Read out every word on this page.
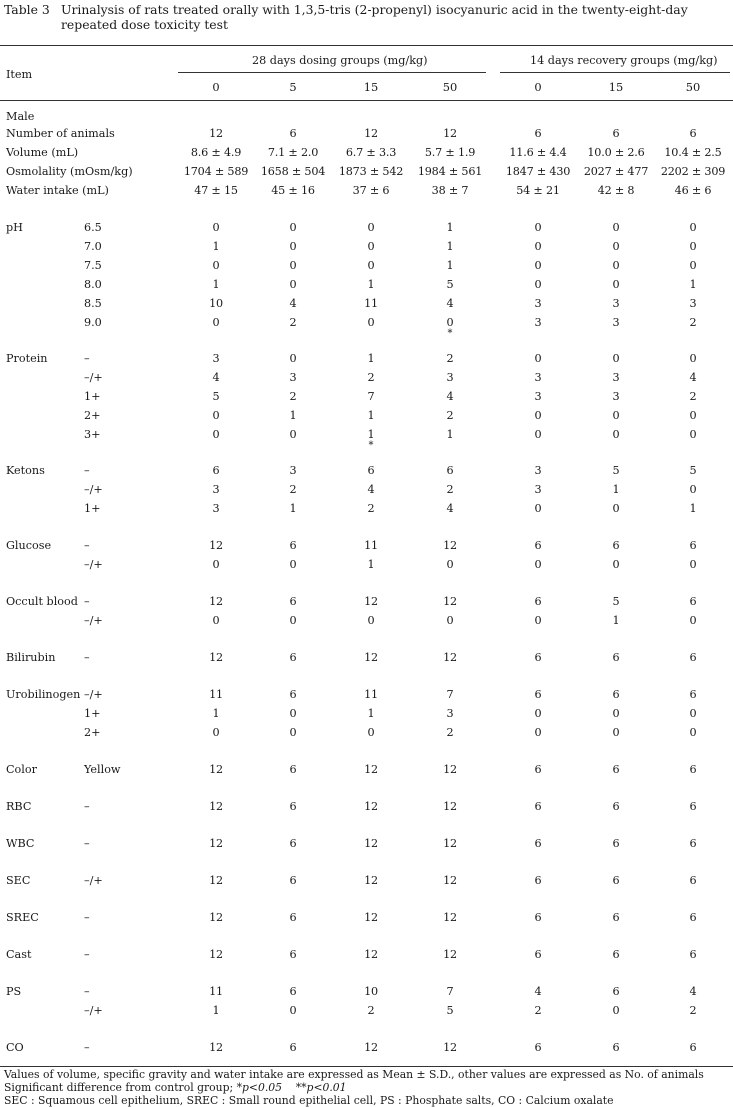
Table 3 Urinalysis of rats treated orally with 1,3,5-tris (2-propenyl) isocyanuric acid in the twenty-eight-day
repeated dose toxicity test
Item
28 days dosing groups (mg/kg)	14 days recovery groups (mg/kg)
0	5	15	50	0	15	50
Male
Number of animals	12	6	12	12	6	6	6
Volume (mL)	8.6 ± 4.9	7.1 ± 2.0	6.7 ± 3.3	5.7 ± 1.9	11.6 ± 4.4	10.0 ± 2.6	10.4 ± 2.5
Osmolality (mOsm/kg)	1704 ± 589	1658 ± 504	1873 ± 542	1984 ± 561	1847 ± 430	2027 ± 477	2202 ± 309
Water intake (mL)	47 ± 15	45 ± 16	37 ± 6	38 ± 7	54 ± 21	42 ± 8	46 ± 6
pH	6.5	0	0	0	1	0	0	0
7.0	1	0	0	1	0	0	0
7.5	0	0	0	1	0	0	0
8.0	1	0	1	5	0	0	1
8.5	10	4	11	4	3	3	3
9.0	0	2	0	0	3	3	2
Protein	–	3	0	1	2	0	0	0
–/+	4	3	2	3	3	3	4
1+	5	2	7	4	3	3	2
2+	0	1	1	2	0	0	0
3+	0	0	1	1	0	0	0
Ketons	–	6	3	6	6	3	5	5
–/+	3	2	4	2	3	1	0
1+	3	1	2	4	0	0	1
Glucose	–	12	6	11	12	6	6	6
–/+	0	0	1	0	0	0	0
Occult blood –	12	6	12	12	6	5	6
–/+	0	0	0	0	0	1	0
Bilirubin	–	12	6	12	12	6	6	6
Urobilinogen –/+	11	6	11	7	6	6	6
1+	1	0	1	3	0	0	0
2+	0	0	0	2	0	0	0
Color	Yellow	12	6	12	12	6	6	6
RBC	–	12	6	12	12	6	6	6
WBC	–	12	6	12	12	6	6	6
SEC	–/+	12	6	12	12	6	6	6
SREC	–	12	6	12	12	6	6	6
Cast	–	12	6	12	12	6	6	6
PS	–	11	6	10	7	4	6	4
–/+	1	0	2	5	2	0	2
CO	–	12	6	12	12	6	6	6
*
*
Values of volume, specific gravity and water intake are expressed as Mean ± S.D., other values are expressed as No. of animals
Significant difference from control group; *p<0.05 **p<0.01
SEC : Squamous cell epithelium, SREC : Small round epithelial cell, PS : Phosphate salts, CO : Calcium oxalate
